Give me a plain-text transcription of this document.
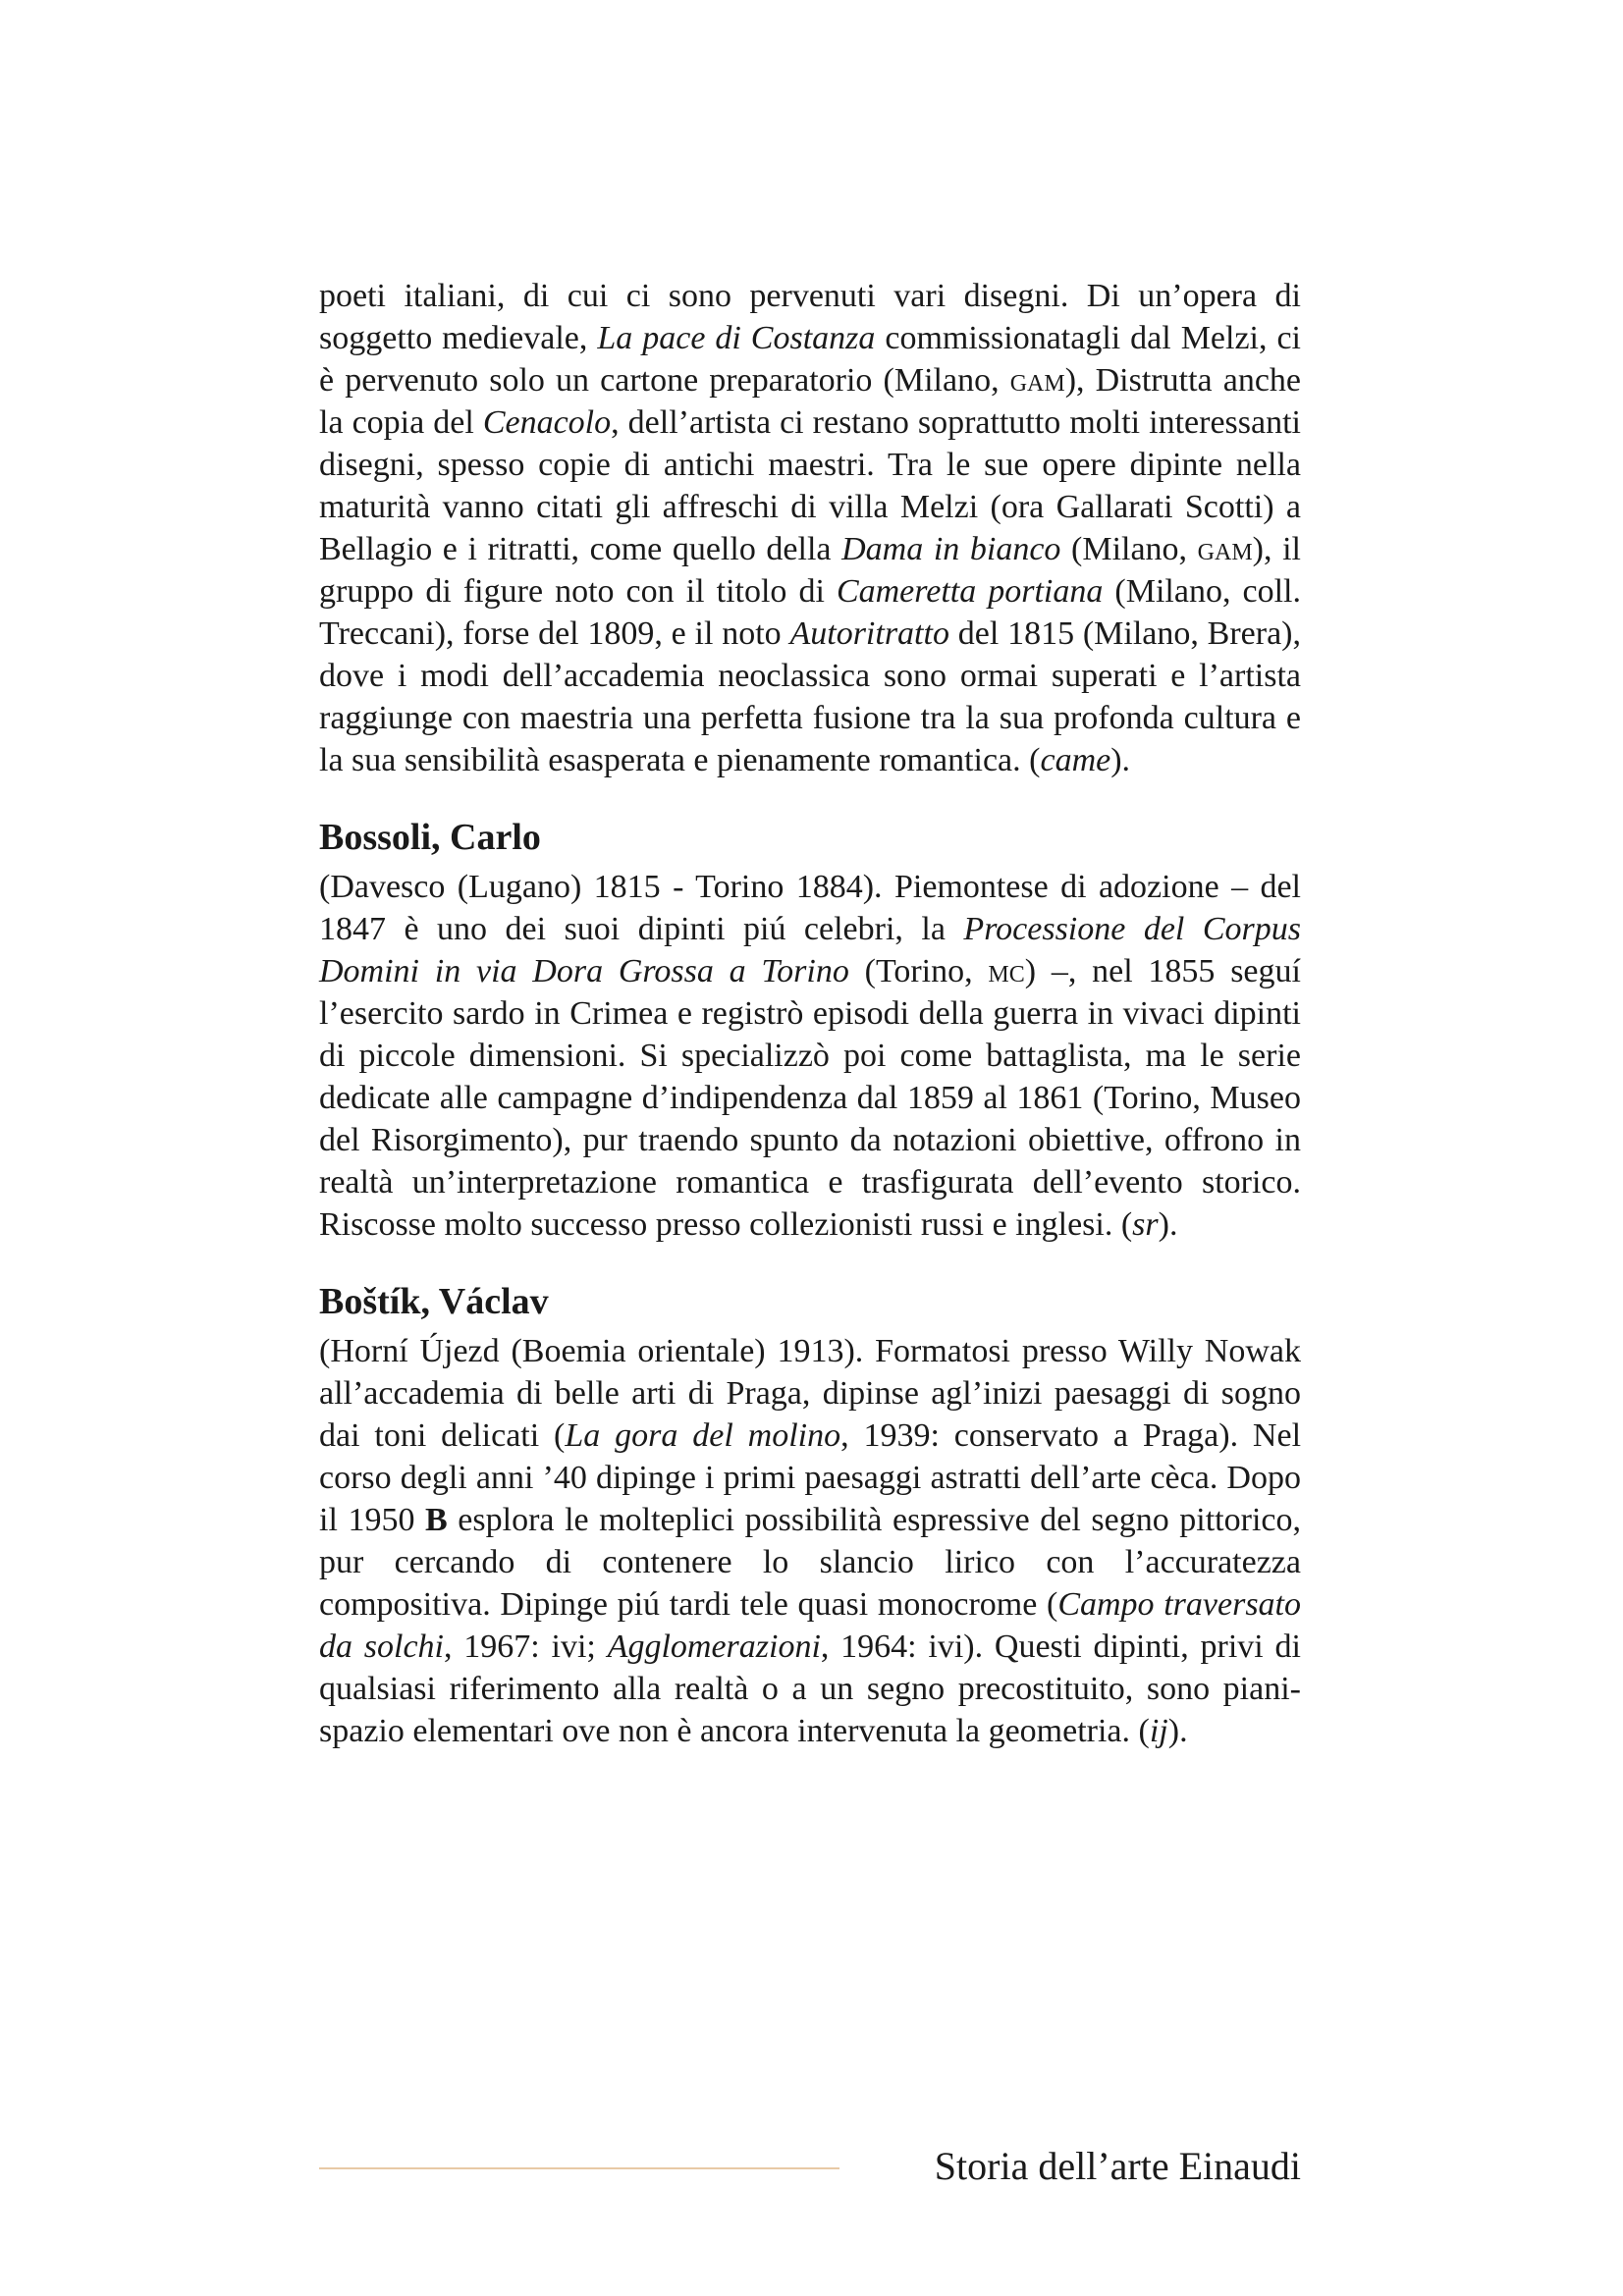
poeti italiani, di cui ci sono pervenuti vari disegni. Di un’opera di soggetto medievale, La pace di Costanza commissionatagli dal Melzi, ci è pervenuto solo un cartone preparatorio (Milano, gam), Distrutta anche la copia del Cenacolo, dell’artista ci restano soprattutto molti interessanti disegni, spesso copie di antichi maestri. Tra le sue opere dipinte nella maturità vanno citati gli affreschi di villa Melzi (ora Gallarati Scotti) a Bellagio e i ritratti, come quello della Dama in bianco (Milano, gam), il gruppo di figure noto con il titolo di Cameretta portiana (Milano, coll. Treccani), forse del 1809, e il noto Autoritratto del 1815 (Milano, Brera), dove i modi dell’accademia neoclassica sono ormai superati e l’artista raggiunge con maestria una perfetta fusione tra la sua profonda cultura e la sua sensibilità esasperata e pienamente romantica. (came).

Bossoli, Carlo

(Davesco (Lugano) 1815 - Torino 1884). Piemontese di adozione – del 1847 è uno dei suoi dipinti piú celebri, la Processione del Corpus Domini in via Dora Grossa a Torino (Torino, mc) –, nel 1855 seguí l’esercito sardo in Crimea e registrò episodi della guerra in vivaci dipinti di piccole dimensioni. Si specializzò poi come battaglista, ma le serie dedicate alle campagne d’indipendenza dal 1859 al 1861 (Torino, Museo del Risorgimento), pur traendo spunto da notazioni obiettive, offrono in realtà un’interpretazione romantica e trasfigurata dell’evento storico. Riscosse molto successo presso collezionisti russi e inglesi. (sr).

Boštík, Václav

(Horní Újezd (Boemia orientale) 1913). Formatosi presso Willy Nowak all’accademia di belle arti di Praga, dipinse agl’inizi paesaggi di sogno dai toni delicati (La gora del molino, 1939: conservato a Praga). Nel corso degli anni ’40 dipinge i primi paesaggi astratti dell’arte cèca. Dopo il 1950 B esplora le molteplici possibilità espressive del segno pittorico, pur cercando di contenere lo slancio lirico con l’accuratezza compositiva. Dipinge piú tardi tele quasi monocrome (Campo traversato da solchi, 1967: ivi; Agglomerazioni, 1964: ivi). Questi dipinti, privi di qualsiasi riferimento alla realtà o a un segno precostituito, sono piani-spazio elementari ove non è ancora intervenuta la geometria. (ij).

Storia dell’arte Einaudi
